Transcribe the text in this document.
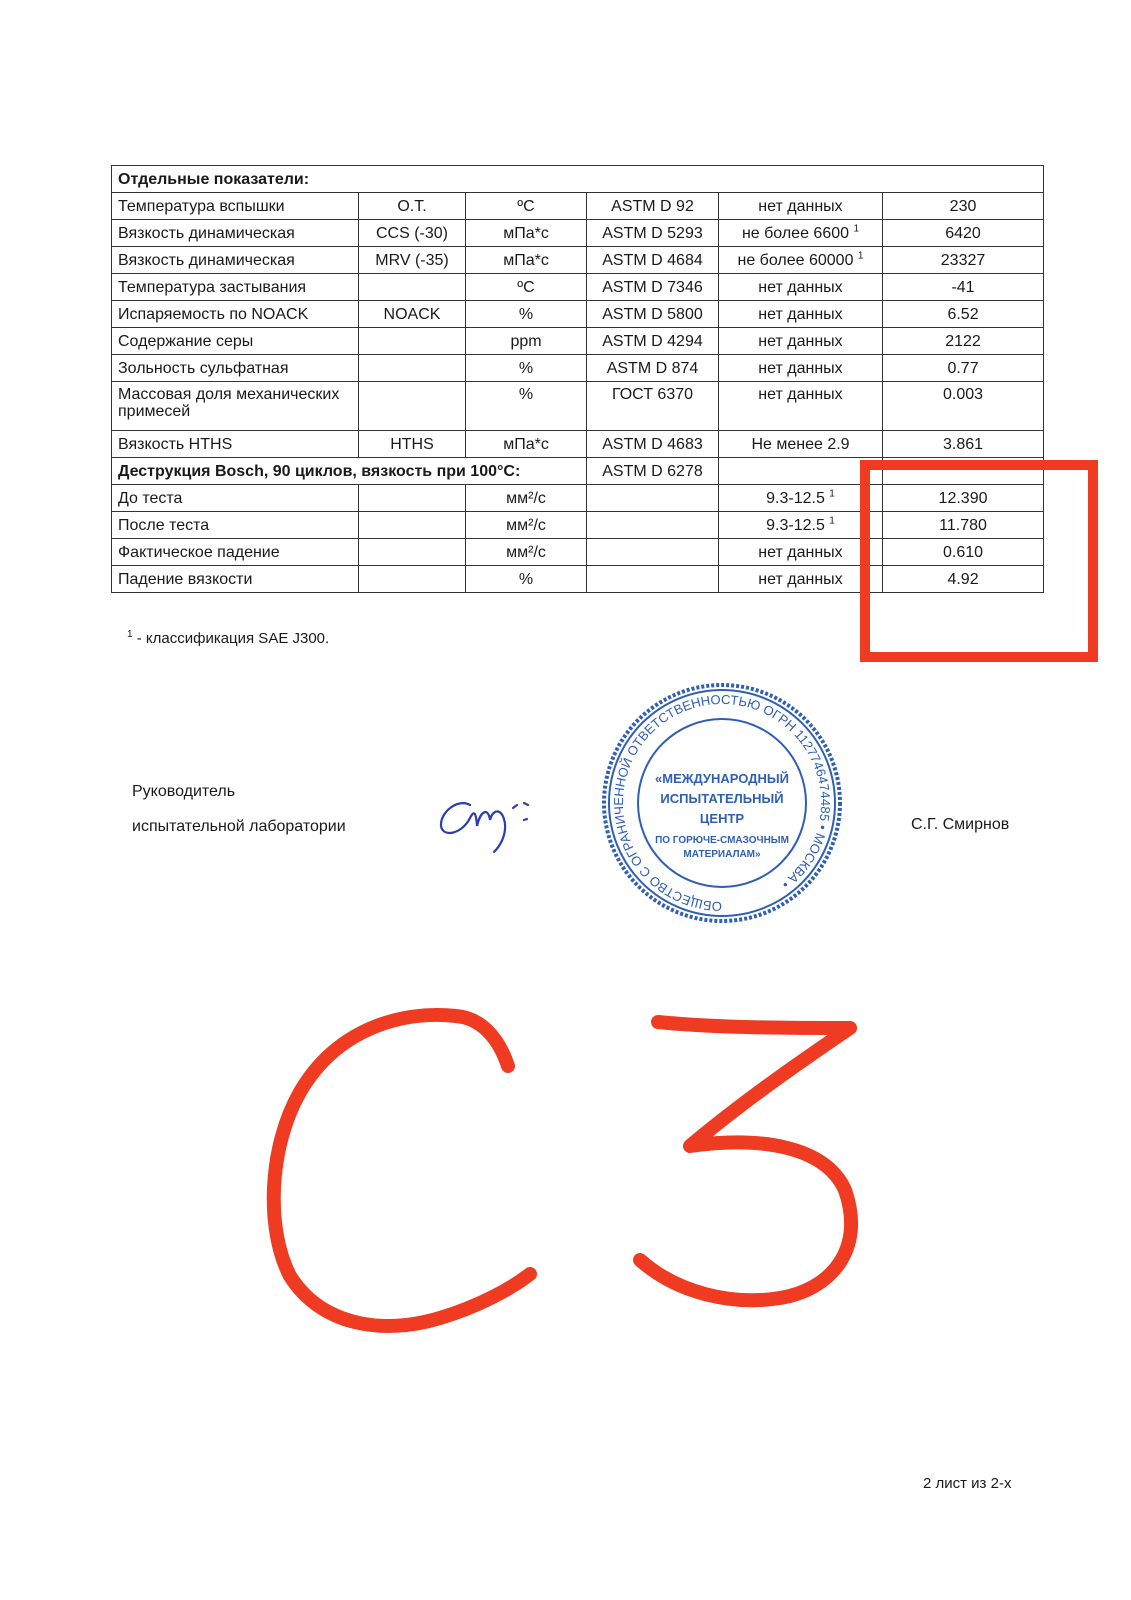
Отдельные показатели:					
Температура вспышки	О.Т.	ºС	ASTM D 92	нет данных	230
Вязкость динамическая	CCS (-30)	мПа*с	ASTM D 5293	не более 6600 $^1$	6420
Вязкость динамическая	MRV (-35)	мПа*с	ASTM D 4684	не более 60000 $^1$	23327
Температура застывания		ºС	ASTM D 7346	нет данных	-41
Испаряемость по NOACK	NOACK	%	ASTM D 5800	нет данных	6.52
Содержание серы		ppm	ASTM D 4294	нет данных	2122
Зольность сульфатная		%	ASTM D 874	нет данных	0.77
Массовая доля механических примесей		%	ГОСТ 6370	нет данных	0.003
Вязкость HTHS	HTHS	мПа*с	ASTM D 4683	Не менее 2.9	3.861
Деструкция Bosch, 90 циклов, вязкость при 100°С:			ASTM D 6278		
До теста		мм²/с		9.3-12.5 $^1$	12.390
После теста		мм²/с		9.3-12.5 $^1$	11.780
Фактическое падение		мм²/с		нет данных	0.610
Падение вязкости		%		нет данных	4.92
$^1$ - классификация SAE J300.
Руководитель
испытательной лаборатории	С.Г. Смирнов
2 лист из 2-х
ОБЩЕСТВО С ОГРАНИЧЕННОЙ ОТВЕТСТВЕННОСТЬЮ ОГРН 1127746474485 • МОСКВА •
«МЕЖДУНАРОДНЫЙ
ИСПЫТАТЕЛЬНЫЙ
ЦЕНТР
ПО ГОРЮЧЕ-СМАЗОЧНЫМ
МАТЕРИАЛАМ»
